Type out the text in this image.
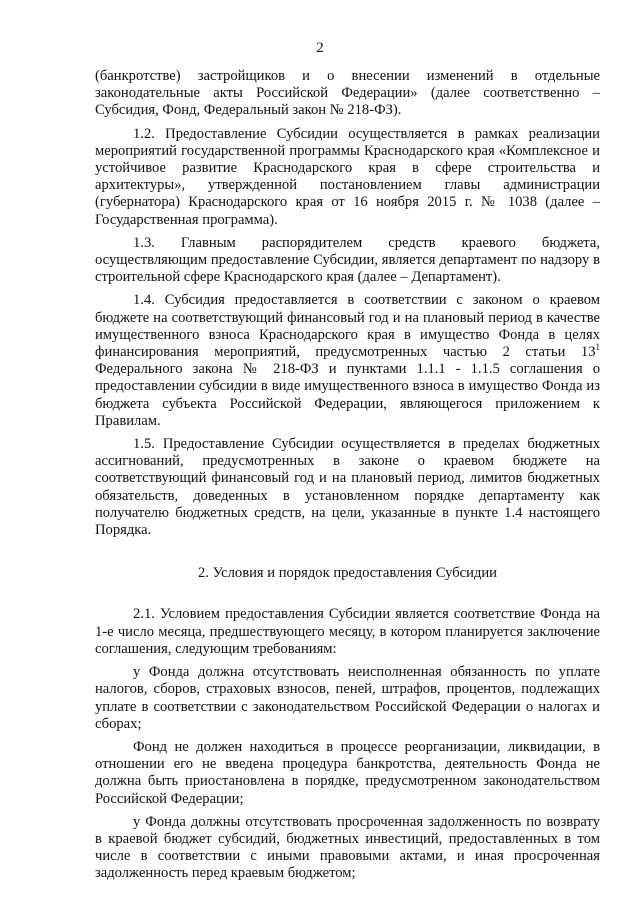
2

(банкротстве) застройщиков и о внесении изменений в отдельные законодательные акты Российской Федерации» (далее соответственно – Субсидия, Фонд, Федеральный закон № 218-ФЗ).

1.2. Предоставление Субсидии осуществляется в рамках реализации мероприятий государственной программы Краснодарского края «Комплексное и устойчивое развитие Краснодарского края в сфере строительства и архитектуры», утвержденной постановлением главы администрации (губернатора) Краснодарского края от 16 ноября 2015 г. № 1038 (далее – Государственная программа).

1.3. Главным распорядителем средств краевого бюджета, осуществляющим предоставление Субсидии, является департамент по надзору в строительной сфере Краснодарского края (далее – Департамент).

1.4. Субсидия предоставляется в соответствии с законом о краевом бюджете на соответствующий финансовый год и на плановый период в качестве имущественного взноса Краснодарского края в имущество Фонда в целях финансирования мероприятий, предусмотренных частью 2 статьи $13^1$ Федерального закона № 218-ФЗ и пунктами 1.1.1 - 1.1.5 соглашения о предоставлении субсидии в виде имущественного взноса в имущество Фонда из бюджета субъекта Российской Федерации, являющегося приложением к Правилам.

1.5. Предоставление Субсидии осуществляется в пределах бюджетных ассигнований, предусмотренных в законе о краевом бюджете на соответствующий финансовый год и на плановый период, лимитов бюджетных обязательств, доведенных в установленном порядке департаменту как получателю бюджетных средств, на цели, указанные в пункте 1.4 настоящего Порядка.

2. Условия и порядок предоставления Субсидии

2.1. Условием предоставления Субсидии является соответствие Фонда на 1-е число месяца, предшествующего месяцу, в котором планируется заключение соглашения, следующим требованиям:

у Фонда должна отсутствовать неисполненная обязанность по уплате налогов, сборов, страховых взносов, пеней, штрафов, процентов, подлежащих уплате в соответствии с законодательством Российской Федерации о налогах и сборах;

Фонд не должен находиться в процессе реорганизации, ликвидации, в отношении его не введена процедура банкротства, деятельность Фонда не должна быть приостановлена в порядке, предусмотренном законодательством Российской Федерации;

у Фонда должны отсутствовать просроченная задолженность по возврату в краевой бюджет субсидий, бюджетных инвестиций, предоставленных в том числе в соответствии с иными правовыми актами, и иная просроченная задолженность перед краевым бюджетом;
